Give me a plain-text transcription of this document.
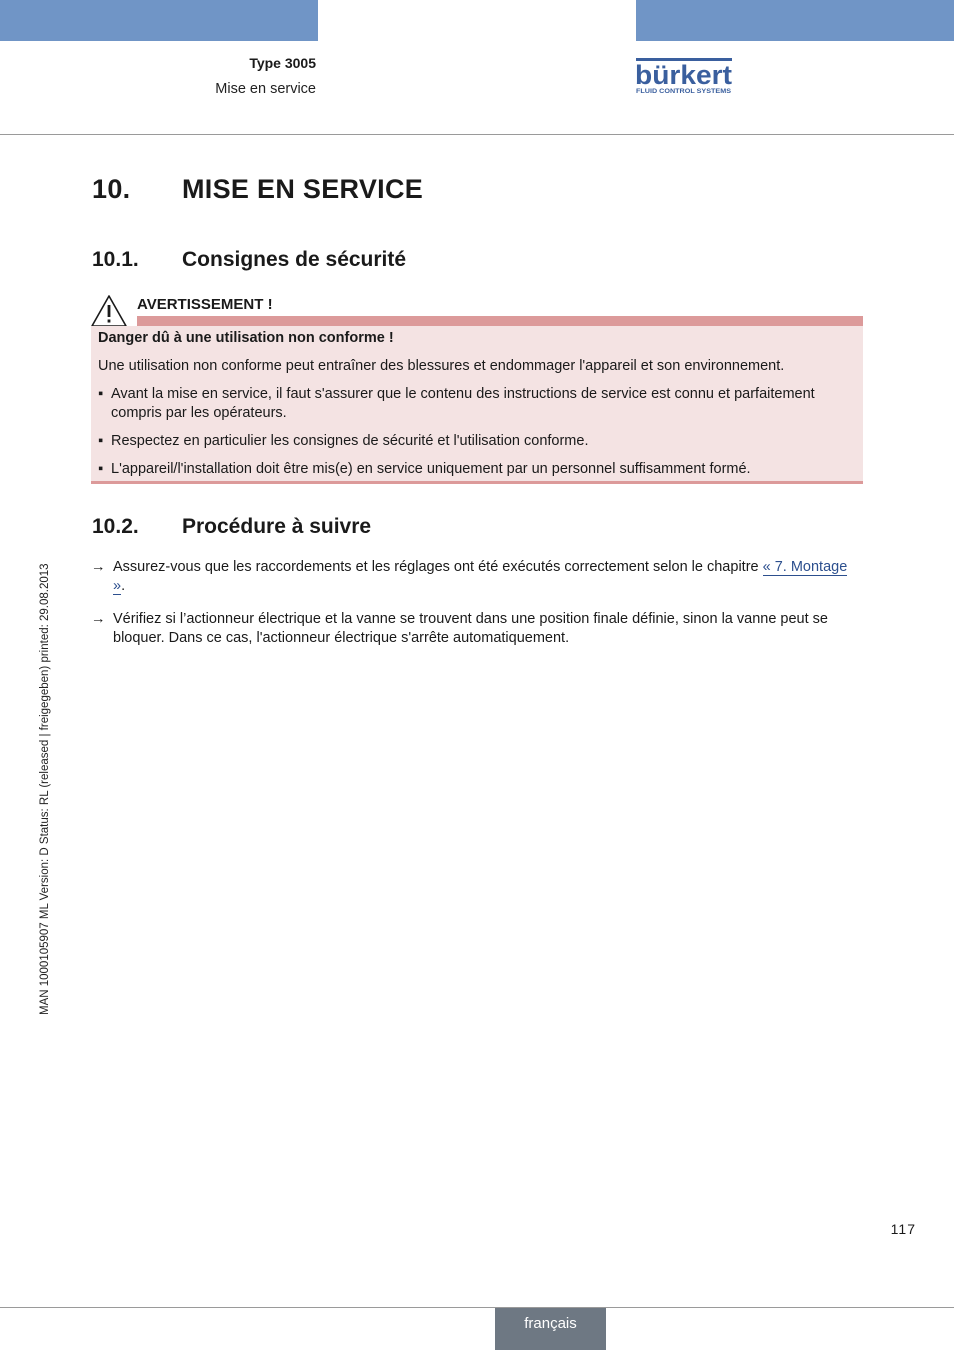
Type 3005
Mise en service	bürkert
FLUID CONTROL SYSTEMS
10. MISE EN SERVICE
10.1. Consignes de sécurité
AVERTISSEMENT !
Danger dû à une utilisation non conforme !
Une utilisation non conforme peut entraîner des blessures et endommager l'appareil et son environnement.
▪ Avant la mise en service, il faut s'assurer que le contenu des instructions de service est connu et parfaitement compris par les opérateurs.
▪ Respectez en particulier les consignes de sécurité et l'utilisation conforme.
▪ L'appareil/l'installation doit être mis(e) en service uniquement par un personnel suffisamment formé.
10.2. Procédure à suivre
→ Assurez-vous que les raccordements et les réglages ont été exécutés correctement selon le chapitre « 7. Montage ».
→ Vérifiez si l’actionneur électrique et la vanne se trouvent dans une position finale définie, sinon la vanne peut se bloquer. Dans ce cas, l'actionneur électrique s'arrête automatiquement.
MAN 1000105907 ML Version: D Status: RL (released | freigegeben) printed: 29.08.2013
117
français
